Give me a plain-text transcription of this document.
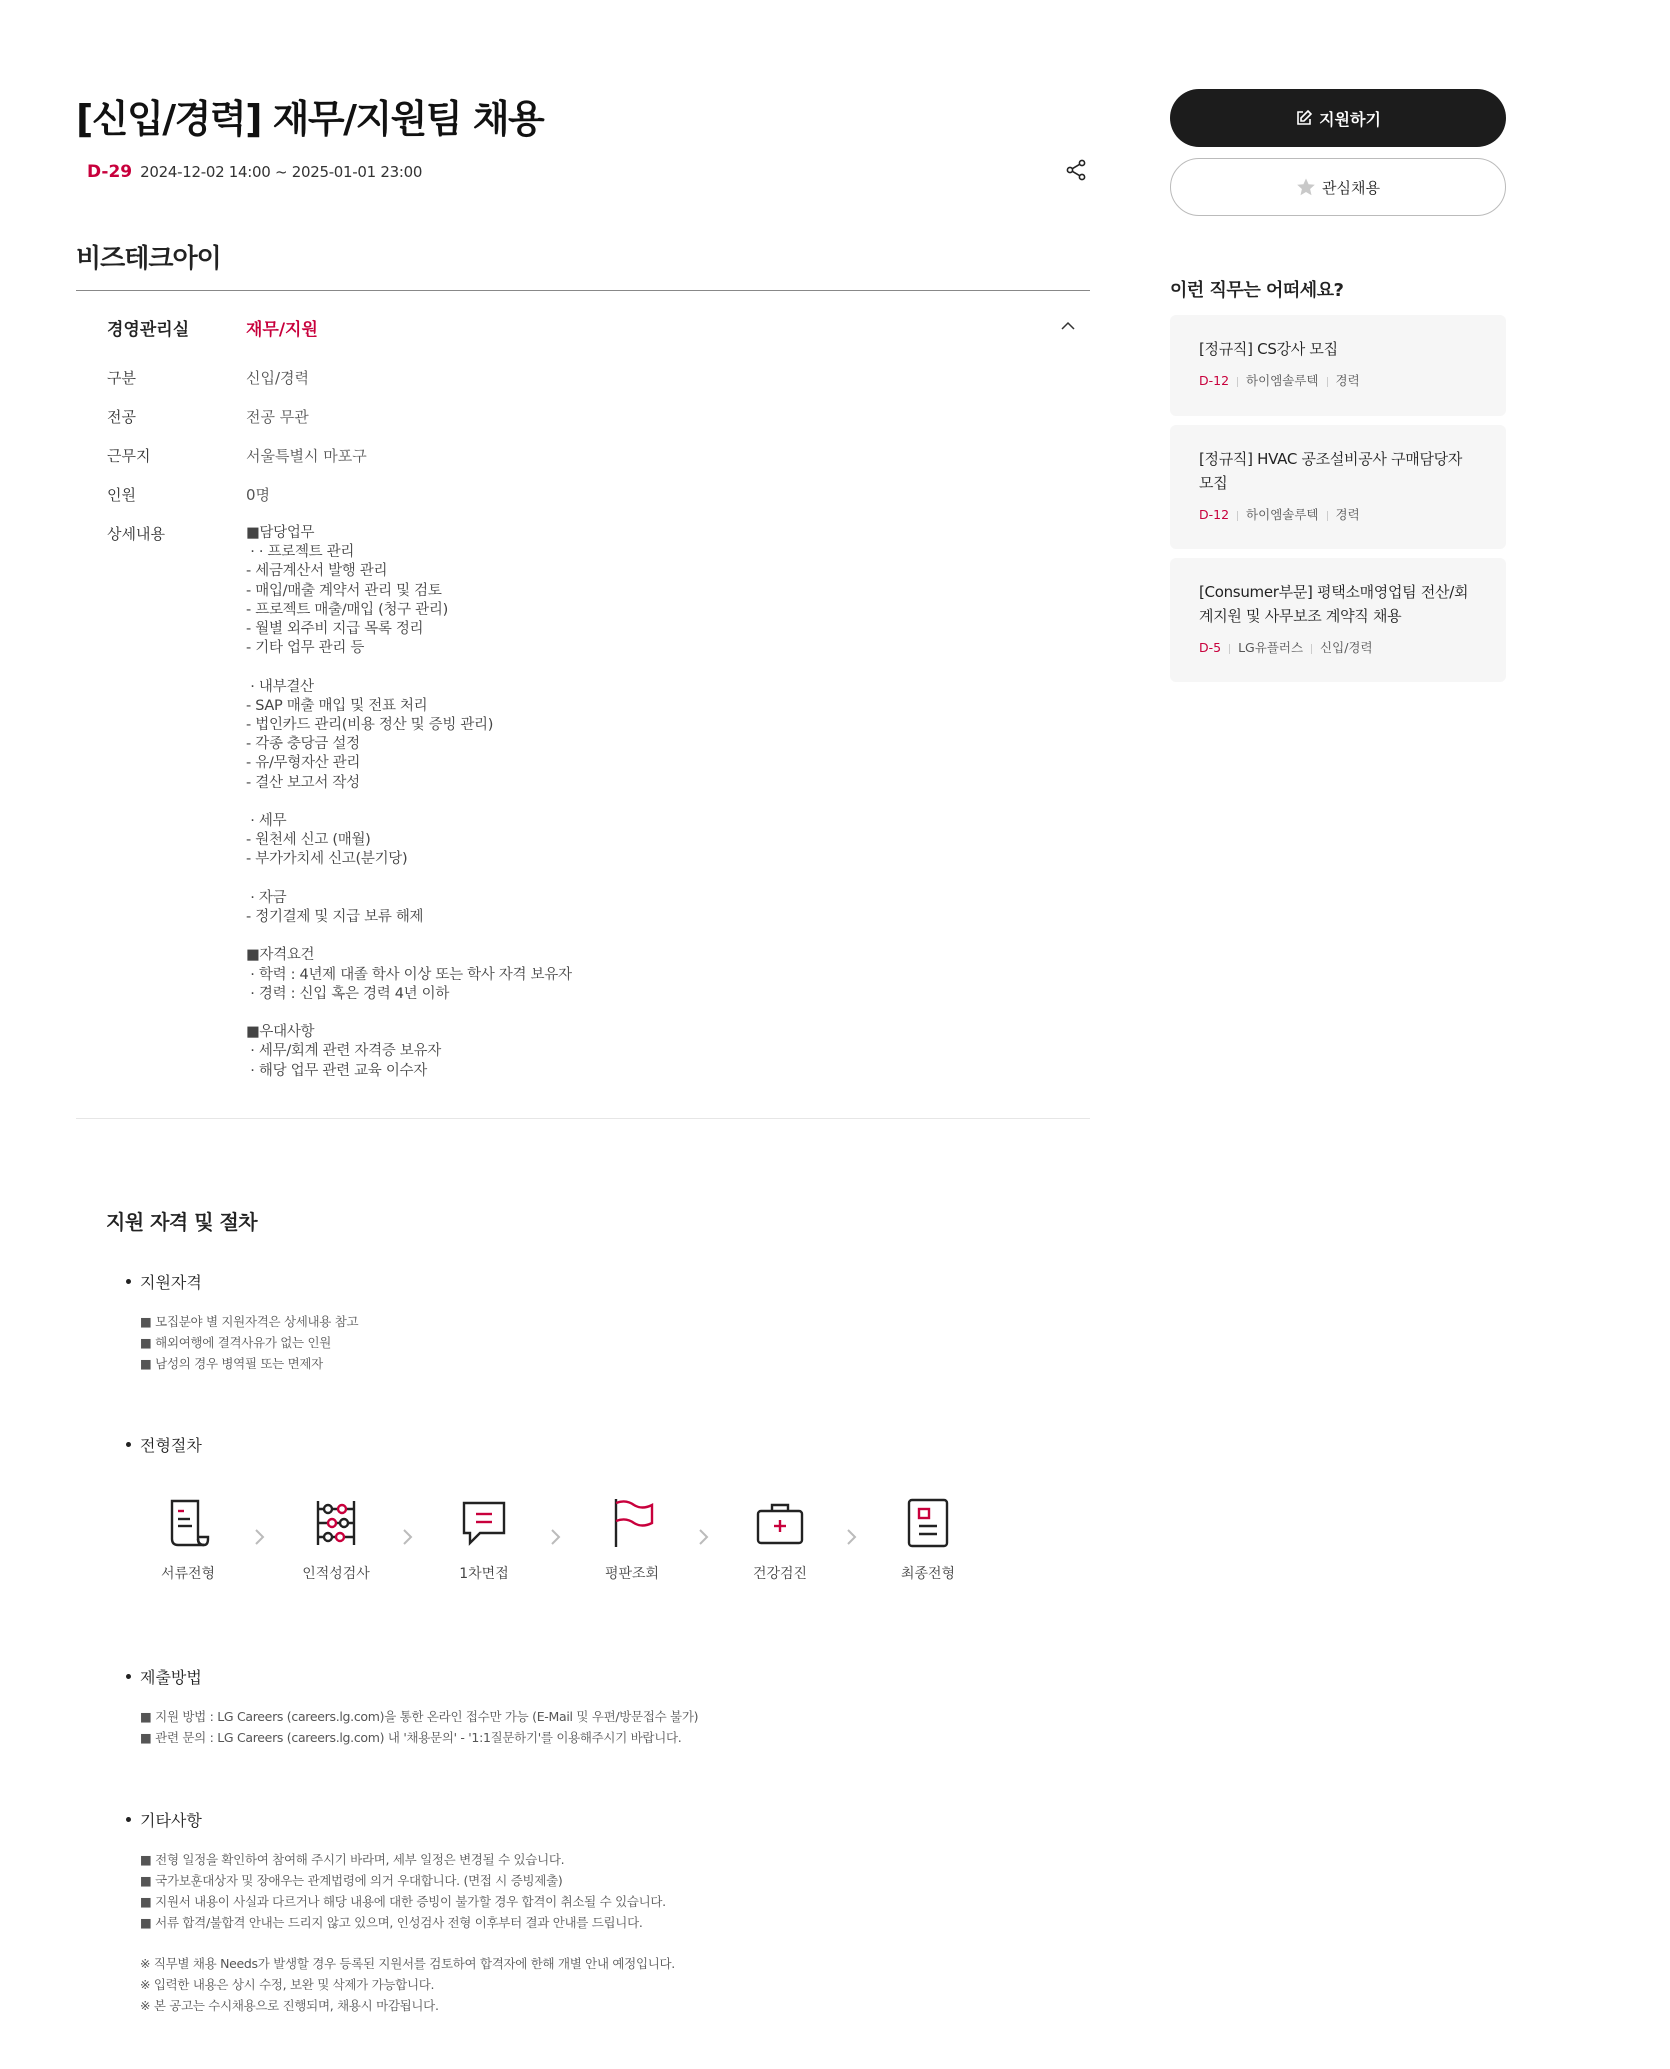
[신입/경력] 재무/지원팀 채용
D-29 2024-12-02 14:00 ~ 2025-01-01 23:00
비즈테크아이
경영관리실	재무/지원
구분	신입/경력
전공	전공 무관
근무지	서울특별시 마포구
인원	0명
상세내용	■담당업무
· · 프로젝트 관리
- 세금계산서 발행 관리
- 매입/매출 계약서 관리 및 검토
- 프로젝트 매출/매입 (청구 관리)
- 월별 외주비 지급 목록 정리
- 기타 업무 관리 등

· 내부결산
- SAP 매출 매입 및 전표 처리
- 법인카드 관리(비용 정산 및 증빙 관리)
- 각종 충당금 설정
- 유/무형자산 관리
- 결산 보고서 작성

· 세무
- 원천세 신고 (매월)
- 부가가치세 신고(분기당)

· 자금
- 정기결제 및 지급 보류 해제

■자격요건
· 학력 : 4년제 대졸 학사 이상 또는 학사 자격 보유자
· 경력 : 신입 혹은 경력 4년 이하

■우대사항
· 세무/회계 관련 자격증 보유자
· 해당 업무 관련 교육 이수자
지원 자격 및 절차
지원자격
■ 모집분야 별 지원자격은 상세내용 참고
■ 해외여행에 결격사유가 없는 인원
■ 남성의 경우 병역필 또는 면제자
전형절차
서류전형	인적성검사	1차면접	평판조회	건강검진	최종전형
제출방법
■ 지원 방법 : LG Careers (careers.lg.com)을 통한 온라인 접수만 가능 (E-Mail 및 우편/방문접수 불가)
■ 관련 문의 : LG Careers (careers.lg.com) 내 '채용문의' - '1:1질문하기'를 이용해주시기 바랍니다.
기타사항
■ 전형 일정을 확인하여 참여해 주시기 바라며, 세부 일정은 변경될 수 있습니다.
■ 국가보훈대상자 및 장애우는 관계법령에 의거 우대합니다. (면접 시 증빙제출)
■ 지원서 내용이 사실과 다르거나 해당 내용에 대한 증빙이 불가할 경우 합격이 취소될 수 있습니다.
■ 서류 합격/불합격 안내는 드리지 않고 있으며, 인성검사 전형 이후부터 결과 안내를 드립니다.
※ 직무별 채용 Needs가 발생할 경우 등록된 지원서를 검토하여 합격자에 한해 개별 안내 예정입니다.
※ 입력한 내용은 상시 수정, 보완 및 삭제가 가능합니다.
※ 본 공고는 수시채용으로 진행되며, 채용시 마감됩니다.
지원하기
관심채용
이런 직무는 어떠세요?
[정규직] CS강사 모집
D-12 하이엠솔루텍 경력
[정규직] HVAC 공조설비공사 구매담당자 모집
D-12 하이엠솔루텍 경력
[Consumer부문] 평택소매영업팀 전산/회계지원 및 사무보조 계약직 채용
D-5 LG유플러스 신입/경력
